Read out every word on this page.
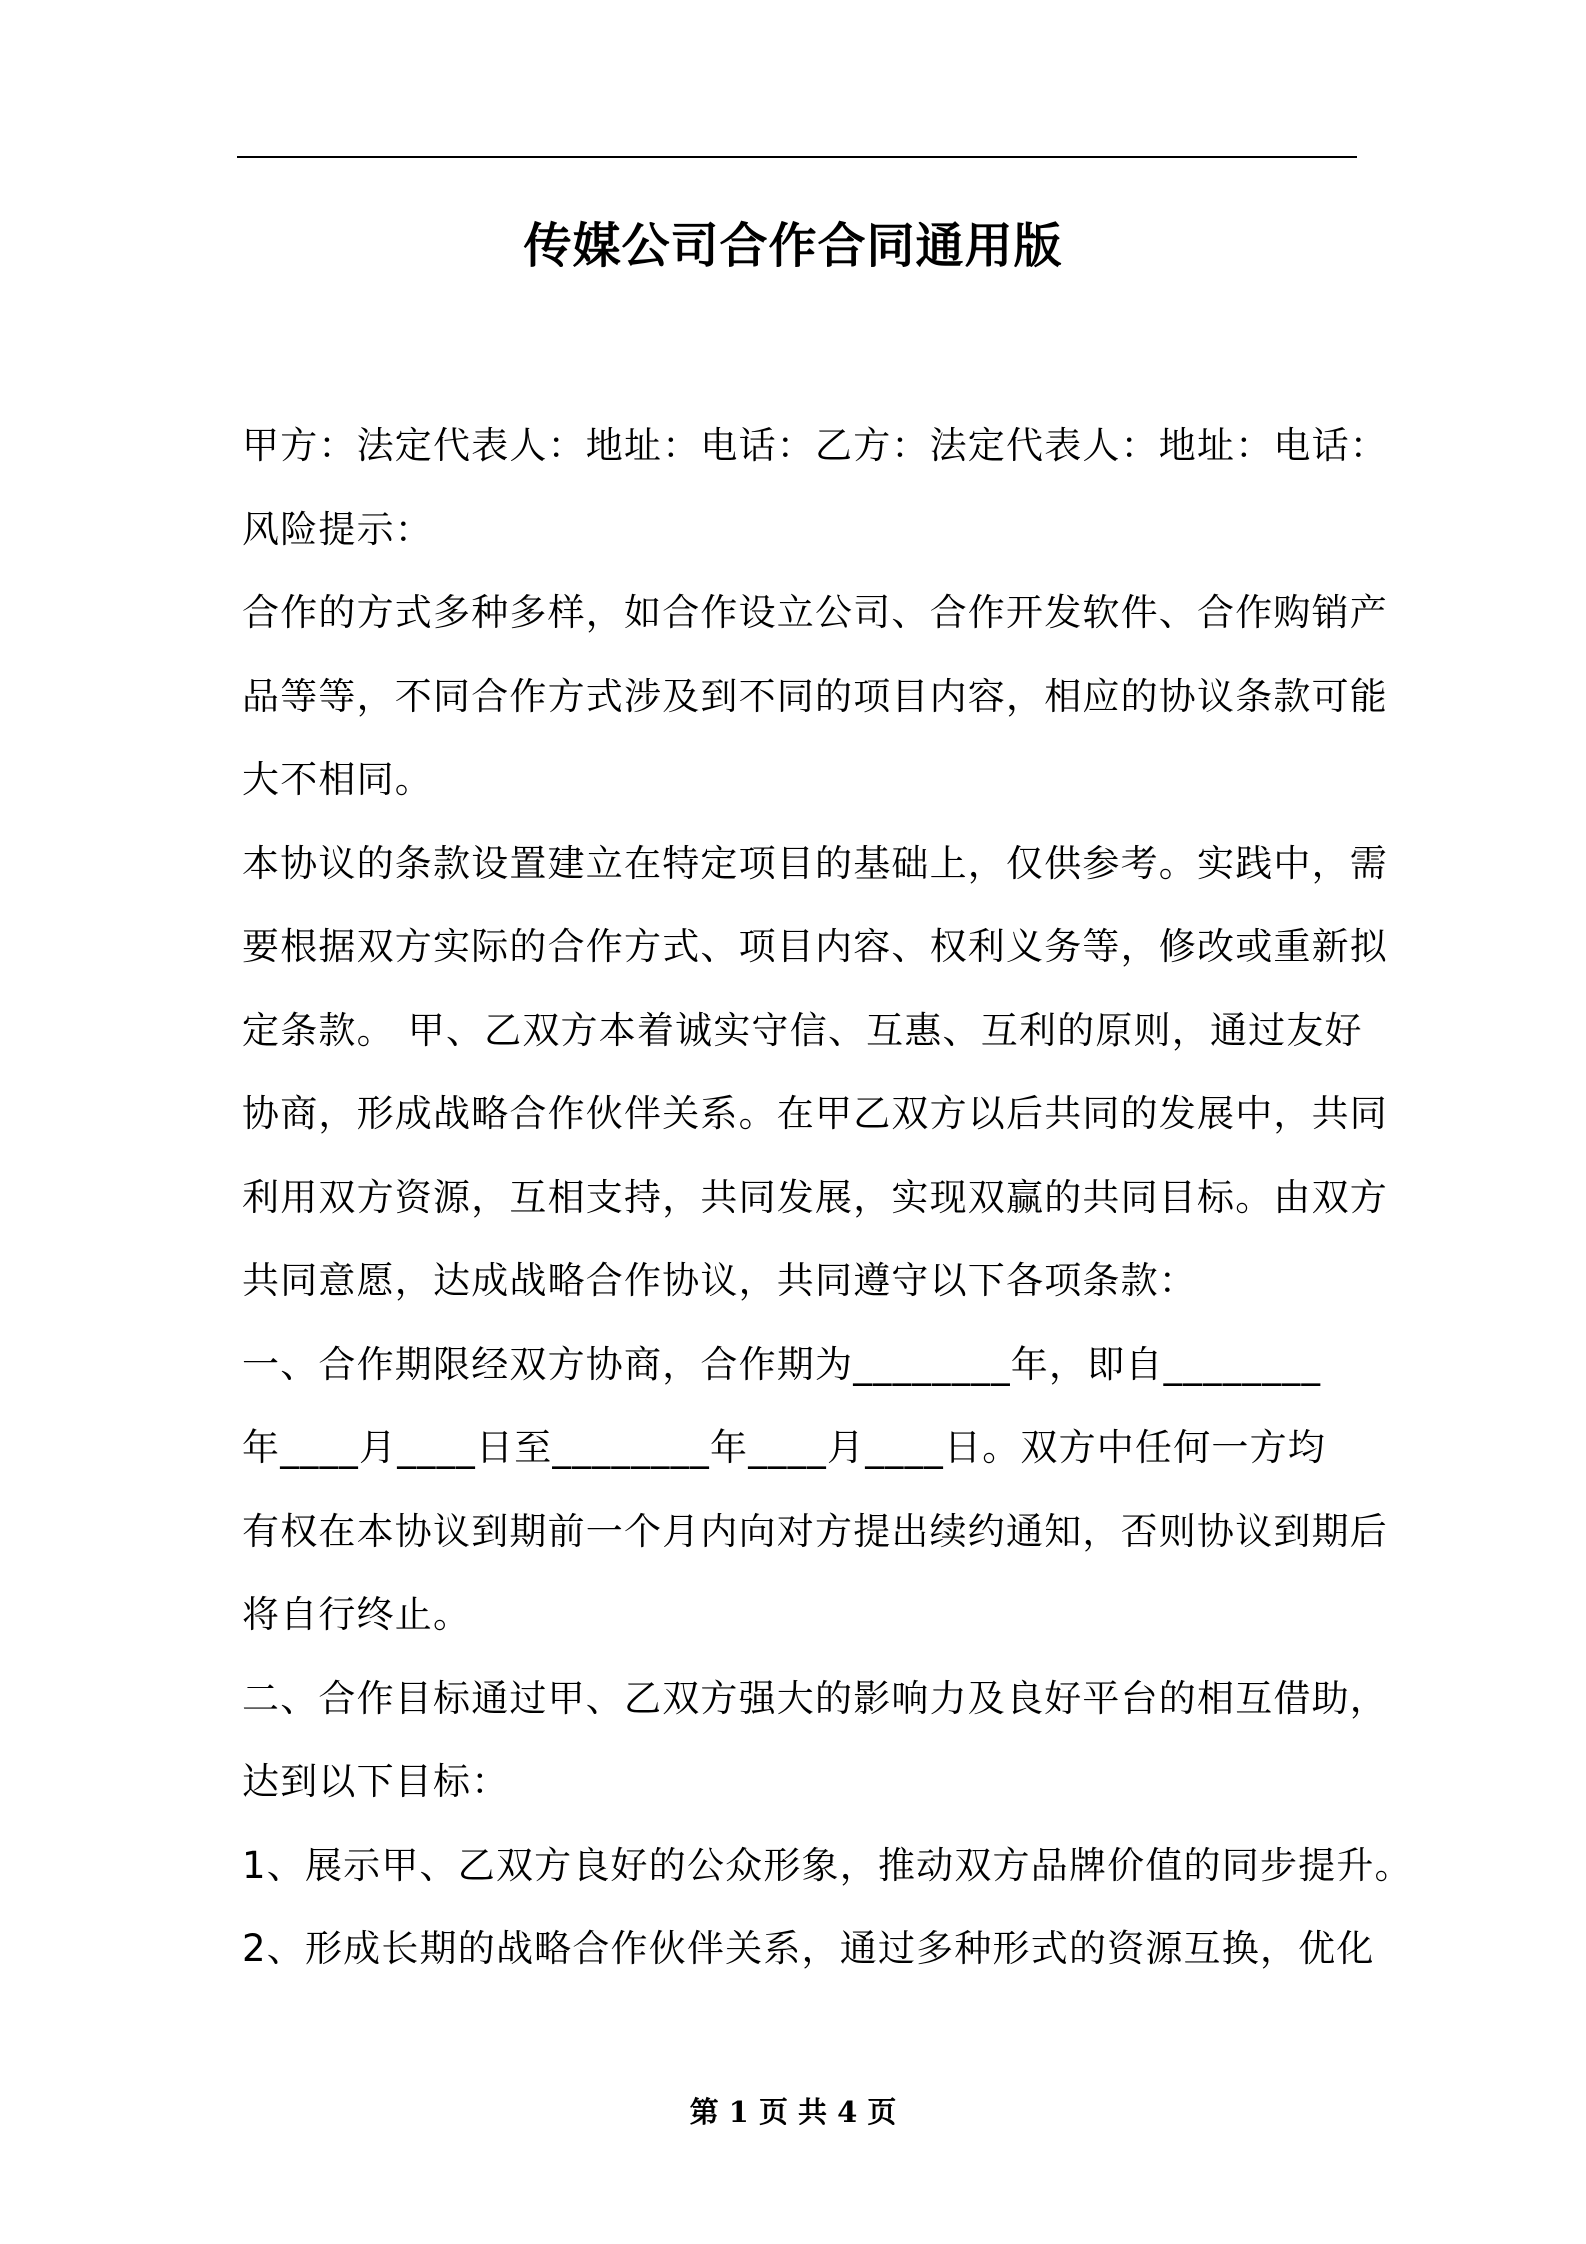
传媒公司合作合同通用版
甲方：法定代表人：地址：电话：乙方：法定代表人：地址：电话：
风险提示：
合作的方式多种多样，如合作设立公司、合作开发软件、合作购销产
品等等，不同合作方式涉及到不同的项目内容，相应的协议条款可能
大不相同。
本协议的条款设置建立在特定项目的基础上，仅供参考。实践中，需
要根据双方实际的合作方式、项目内容、权利义务等，修改或重新拟
定条款。 甲、乙双方本着诚实守信、互惠、互利的原则，通过友好
协商，形成战略合作伙伴关系。在甲乙双方以后共同的发展中，共同
利用双方资源，互相支持，共同发展，实现双赢的共同目标。由双方
共同意愿，达成战略合作协议，共同遵守以下各项条款：
一、合作期限经双方协商，合作期为________年，即自________
年____月____日至________年____月____日。双方中任何一方均
有权在本协议到期前一个月内向对方提出续约通知，否则协议到期后
将自行终止。
二、合作目标通过甲、乙双方强大的影响力及良好平台的相互借助，
达到以下目标：
1、展示甲、乙双方良好的公众形象，推动双方品牌价值的同步提升。
2、形成长期的战略合作伙伴关系，通过多种形式的资源互换，优化
第 1 页 共 4 页
